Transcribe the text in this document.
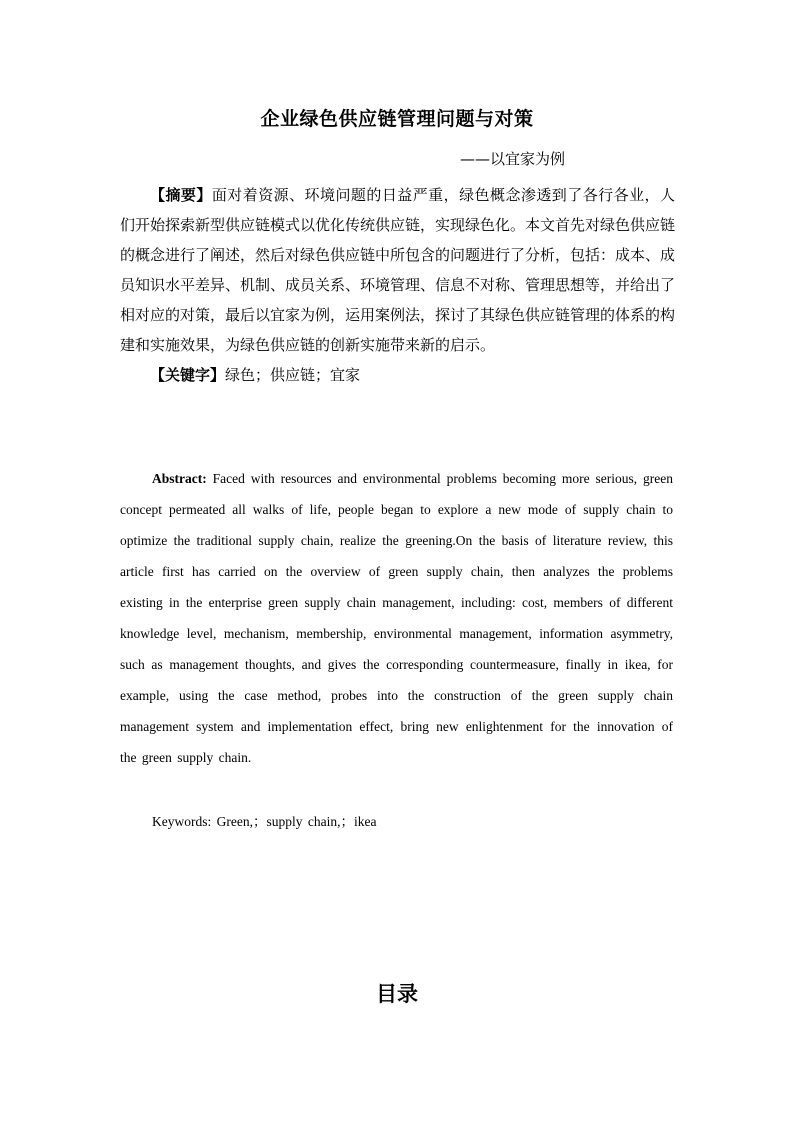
企业绿色供应链管理问题与对策
——以宜家为例

【摘要】面对着资源、环境问题的日益严重，绿色概念渗透到了各行各业，人们开始探索新型供应链模式以优化传统供应链，实现绿色化。本文首先对绿色供应链的概念进行了阐述，然后对绿色供应链中所包含的问题进行了分析，包括：成本、成员知识水平差异、机制、成员关系、环境管理、信息不对称、管理思想等，并给出了相对应的对策，最后以宜家为例，运用案例法，探讨了其绿色供应链管理的体系的构建和实施效果，为绿色供应链的创新实施带来新的启示。

【关键字】绿色；供应链；宜家

Abstract: Faced with resources and environmental problems becoming more serious, green concept permeated all walks of life, people began to explore a new mode of supply chain to optimize the traditional supply chain, realize the greening.On the basis of literature review, this article first has carried on the overview of green supply chain, then analyzes the problems existing in the enterprise green supply chain management, including: cost, members of different knowledge level, mechanism, membership, environmental management, information asymmetry, such as management thoughts, and gives the corresponding countermeasure, finally in ikea, for example, using the case method, probes into the construction of the green supply chain management system and implementation effect, bring new enlightenment for the innovation of the green supply chain.

Keywords: Green,；supply chain,；ikea
目录
